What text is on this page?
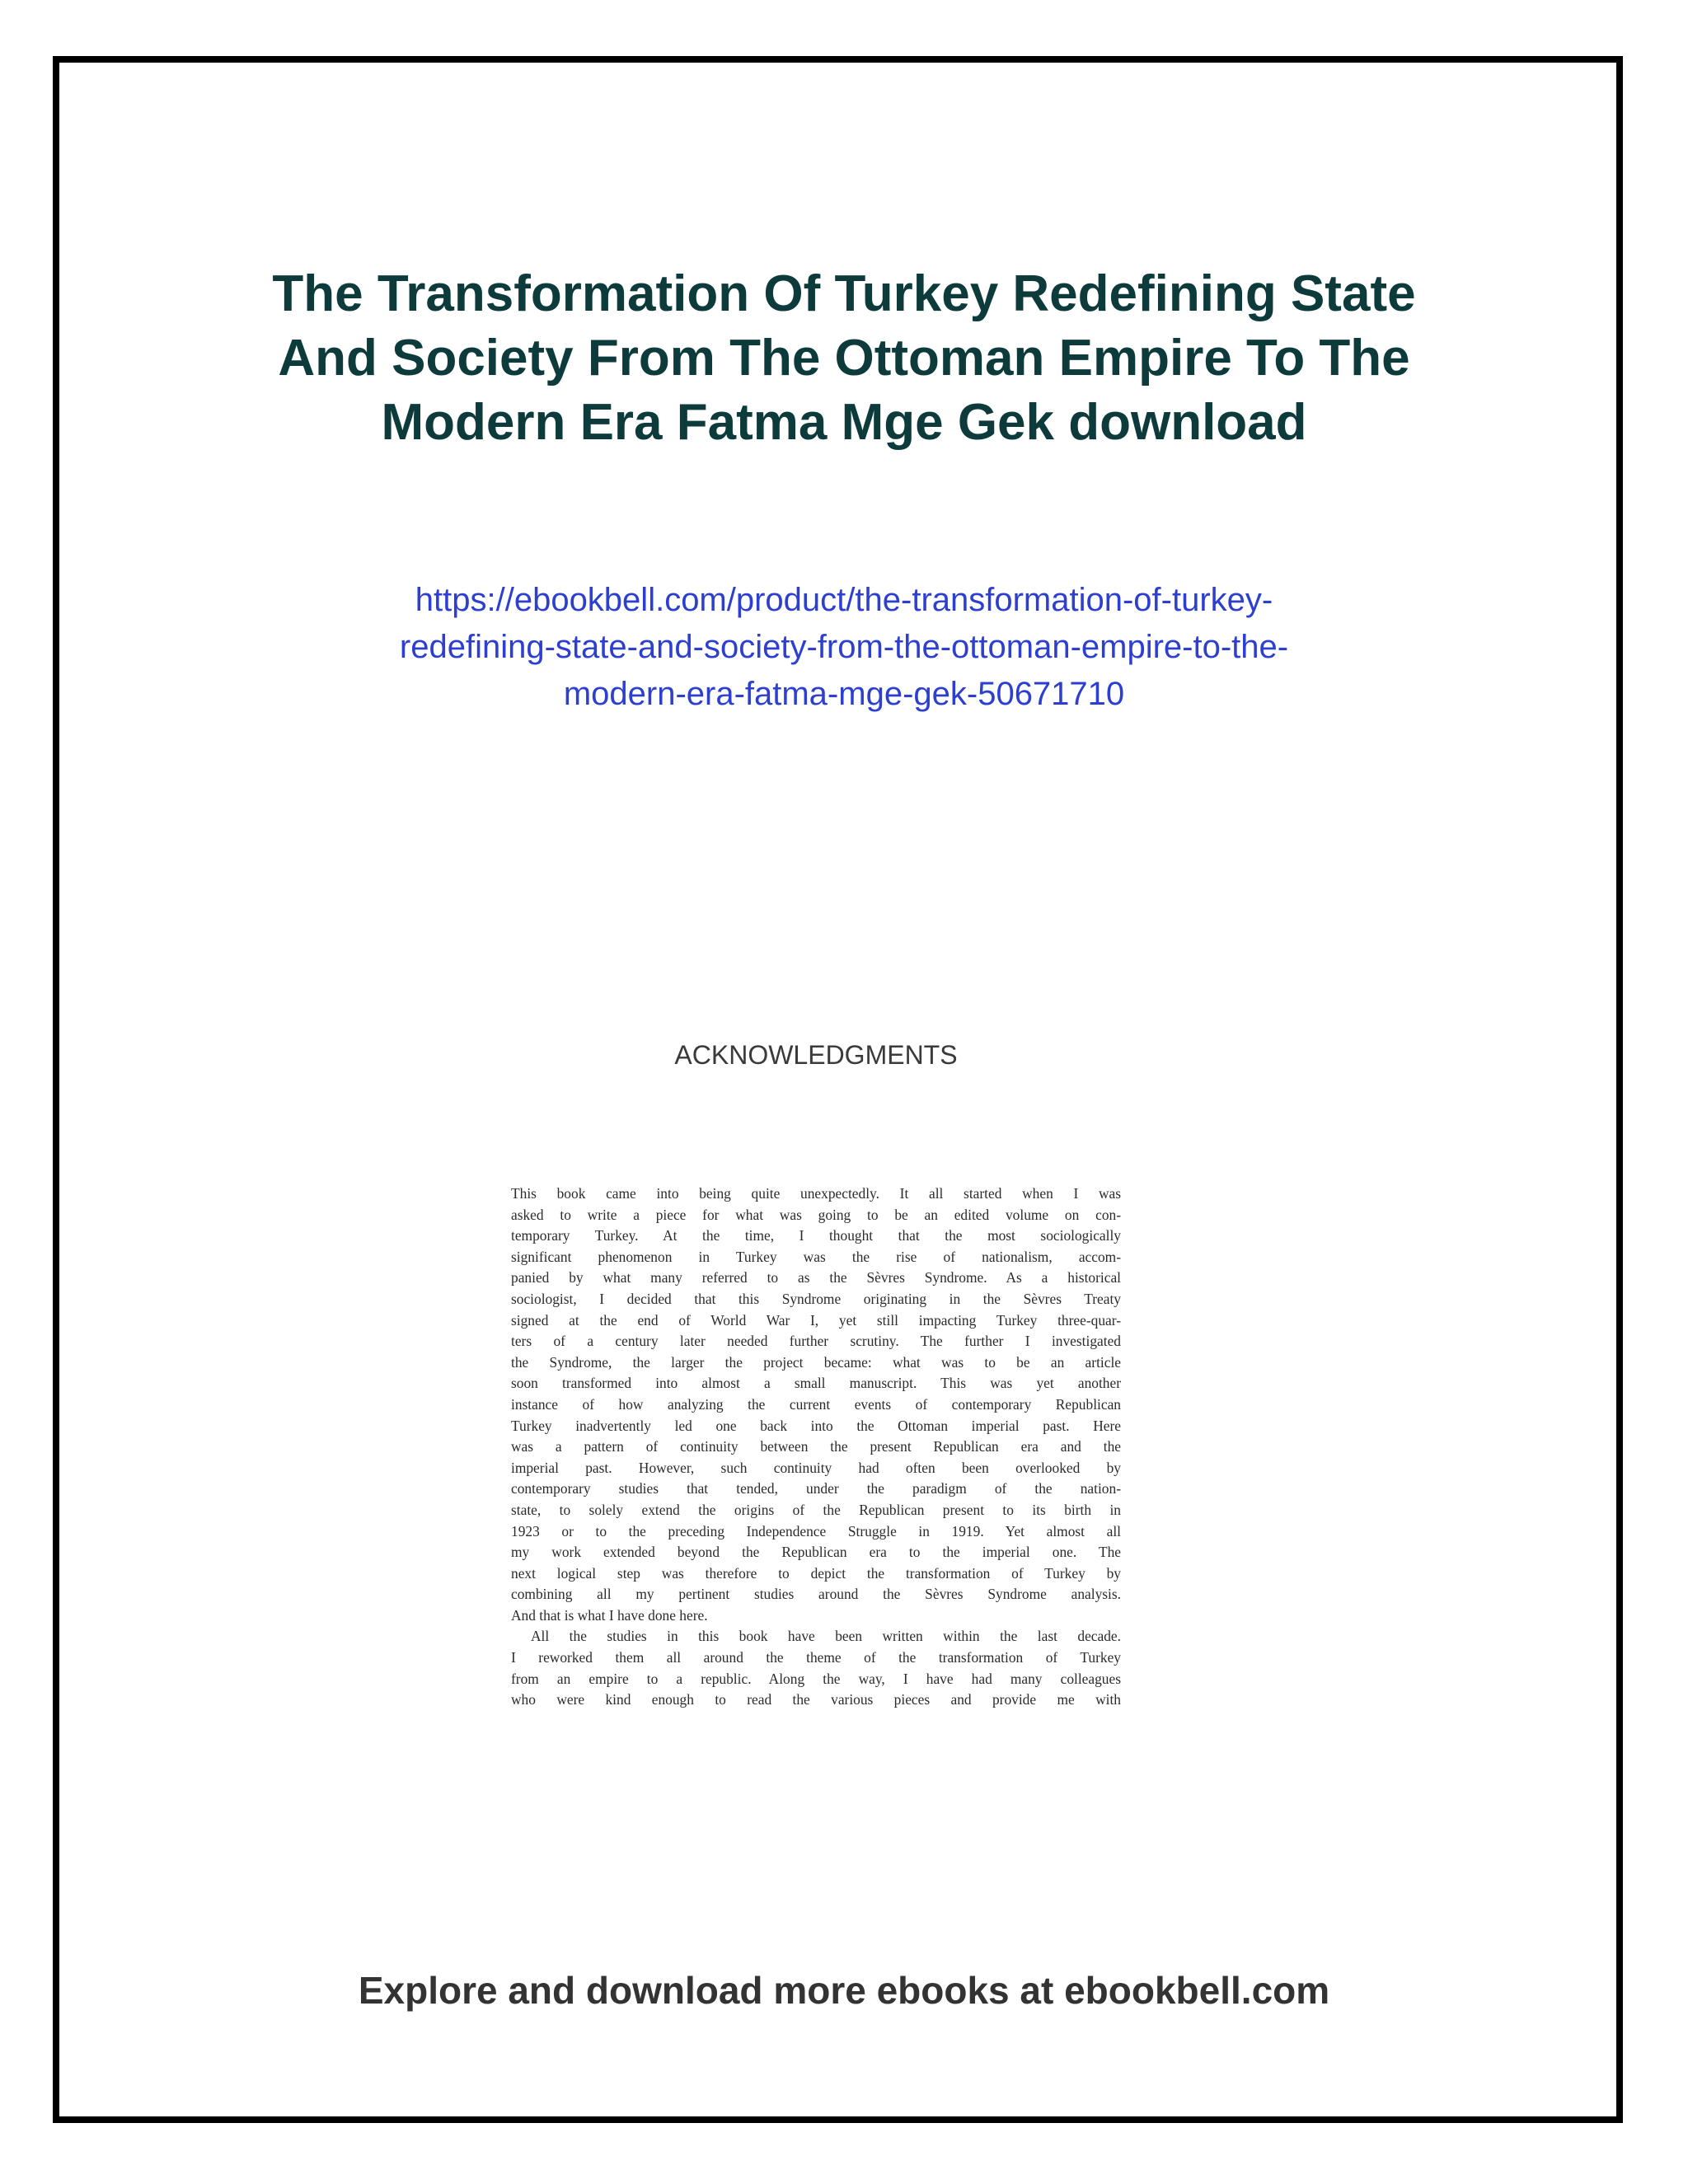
The Transformation Of Turkey Redefining State
And Society From The Ottoman Empire To The
Modern Era Fatma Mge Gek download
https://ebookbell.com/product/the-transformation-of-turkey-
redefining-state-and-society-from-the-ottoman-empire-to-the-
modern-era-fatma-mge-gek-50671710
ACKNOWLEDGMENTS
This book came into being quite unexpectedly. It all started when I was
asked to write a piece for what was going to be an edited volume on con-
temporary Turkey. At the time, I thought that the most sociologically
significant phenomenon in Turkey was the rise of nationalism, accom-
panied by what many referred to as the Sèvres Syndrome. As a historical
sociologist, I decided that this Syndrome originating in the Sèvres Treaty
signed at the end of World War I, yet still impacting Turkey three-quar-
ters of a century later needed further scrutiny. The further I investigated
the Syndrome, the larger the project became: what was to be an article
soon transformed into almost a small manuscript. This was yet another
instance of how analyzing the current events of contemporary Republican
Turkey inadvertently led one back into the Ottoman imperial past. Here
was a pattern of continuity between the present Republican era and the
imperial past. However, such continuity had often been overlooked by
contemporary studies that tended, under the paradigm of the nation-
state, to solely extend the origins of the Republican present to its birth in
1923 or to the preceding Independence Struggle in 1919. Yet almost all
my work extended beyond the Republican era to the imperial one. The
next logical step was therefore to depict the transformation of Turkey by
combining all my pertinent studies around the Sèvres Syndrome analysis.
And that is what I have done here.
All the studies in this book have been written within the last decade.
I reworked them all around the theme of the transformation of Turkey
from an empire to a republic. Along the way, I have had many colleagues
who were kind enough to read the various pieces and provide me with
Explore and download more ebooks at ebookbell.com
